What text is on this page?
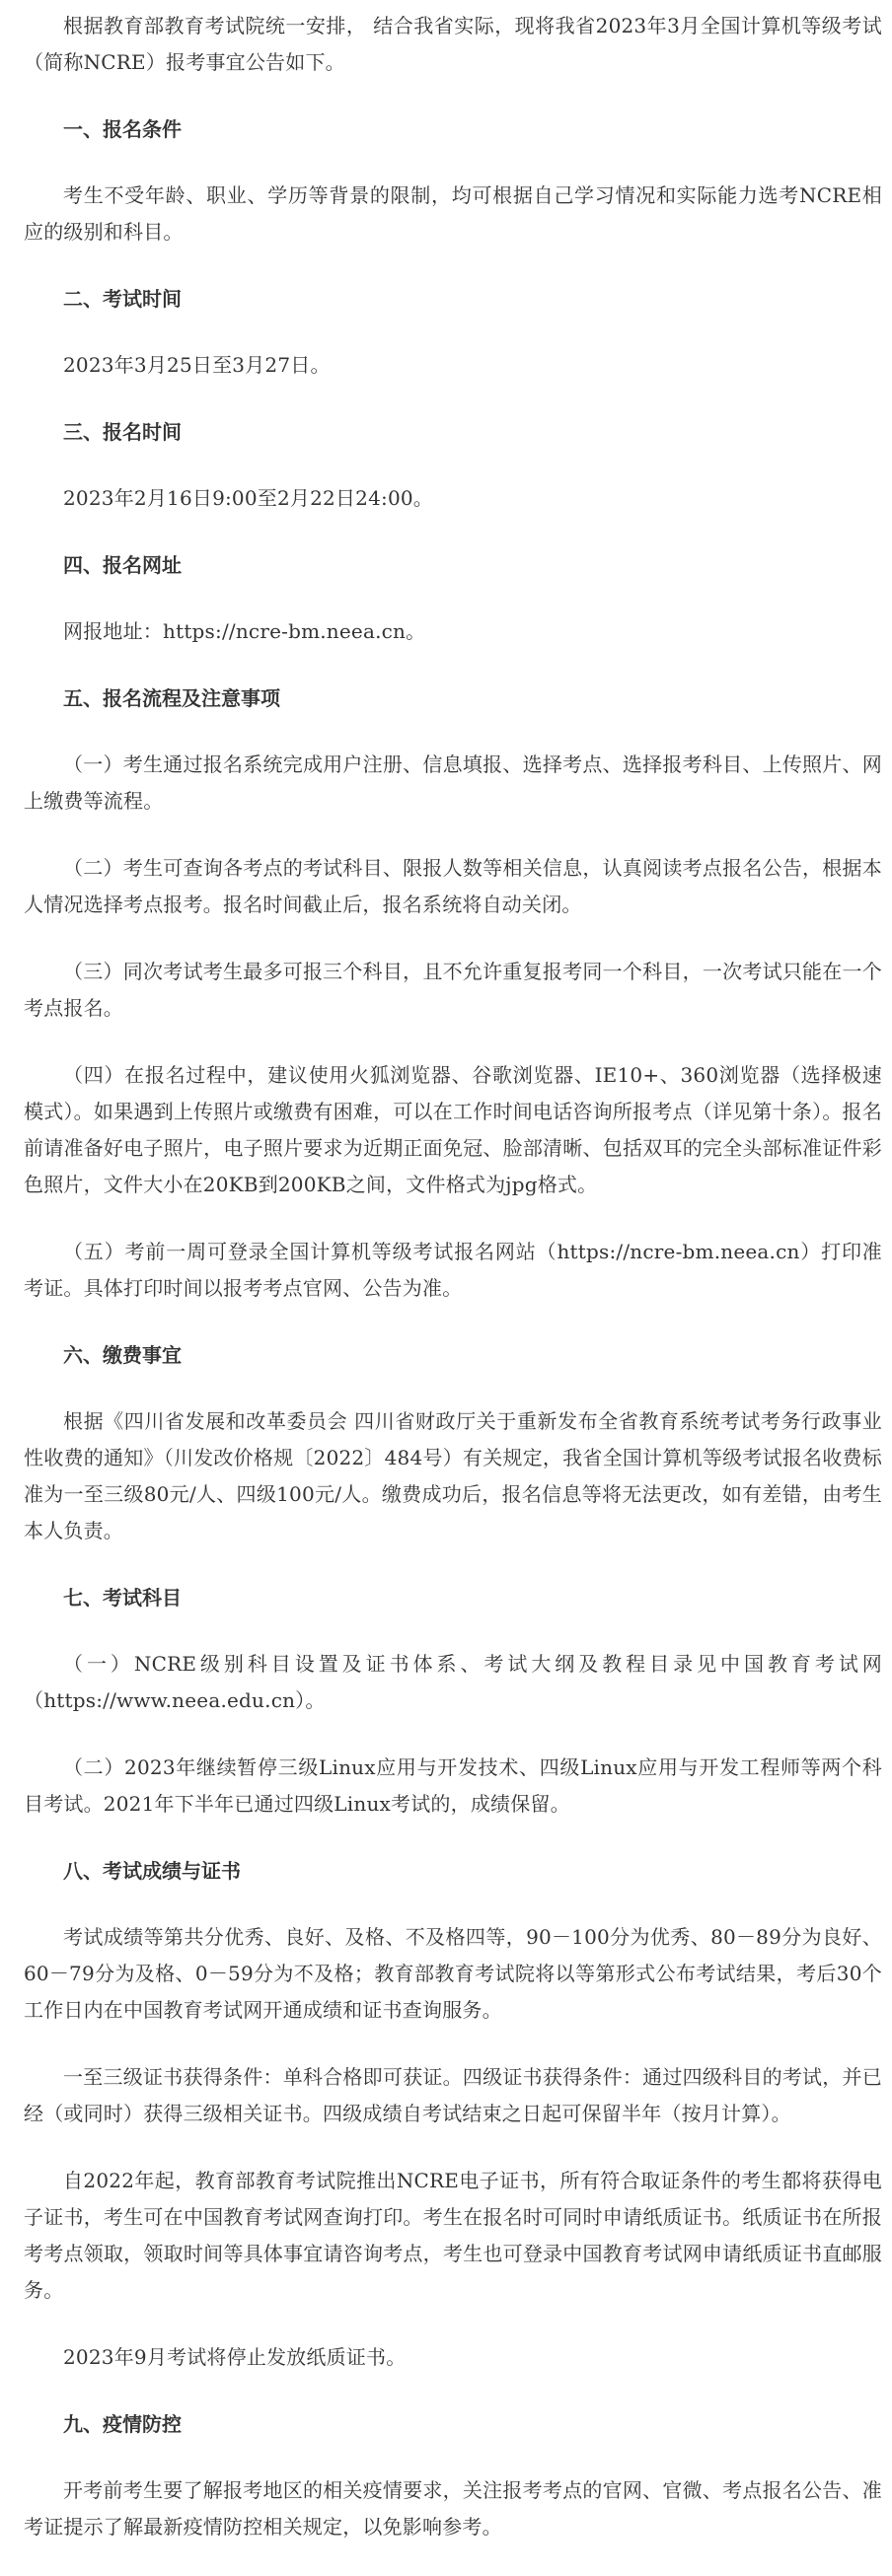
根据教育部教育考试院统一安排， 结合我省实际，现将我省2023年3月全国计算机等级考试（简称NCRE）报考事宜公告如下。

一、报名条件

考生不受年龄、职业、学历等背景的限制，均可根据自己学习情况和实际能力选考NCRE相应的级别和科目。

二、考试时间

2023年3月25日至3月27日。

三、报名时间

2023年2月16日9:00至2月22日24:00。

四、报名网址

网报地址：https://ncre-bm.neea.cn。

五、报名流程及注意事项

（一）考生通过报名系统完成用户注册、信息填报、选择考点、选择报考科目、上传照片、网上缴费等流程。

（二）考生可查询各考点的考试科目、限报人数等相关信息，认真阅读考点报名公告，根据本人情况选择考点报考。报名时间截止后，报名系统将自动关闭。

（三）同次考试考生最多可报三个科目，且不允许重复报考同一个科目，一次考试只能在一个考点报名。

（四）在报名过程中，建议使用火狐浏览器、谷歌浏览器、IE10+、360浏览器（选择极速模式）。如果遇到上传照片或缴费有困难，可以在工作时间电话咨询所报考点（详见第十条）。报名前请准备好电子照片，电子照片要求为近期正面免冠、脸部清晰、包括双耳的完全头部标准证件彩色照片，文件大小在20KB到200KB之间，文件格式为jpg格式。

（五）考前一周可登录全国计算机等级考试报名网站（https://ncre-bm.neea.cn）打印准考证。具体打印时间以报考考点官网、公告为准。

六、缴费事宜

根据《四川省发展和改革委员会 四川省财政厅关于重新发布全省教育系统考试考务行政事业性收费的通知》（川发改价格规〔2022〕484号）有关规定，我省全国计算机等级考试报名收费标准为一至三级80元/人、四级100元/人。缴费成功后，报名信息等将无法更改，如有差错，由考生本人负责。

七、考试科目

（一）NCRE级别科目设置及证书体系、考试大纲及教程目录见中国教育考试网（https://www.neea.edu.cn）。

（二）2023年继续暂停三级Linux应用与开发技术、四级Linux应用与开发工程师等两个科目考试。2021年下半年已通过四级Linux考试的，成绩保留。

八、考试成绩与证书

考试成绩等第共分优秀、良好、及格、不及格四等，90－100分为优秀、80－89分为良好、60－79分为及格、0－59分为不及格；教育部教育考试院将以等第形式公布考试结果，考后30个工作日内在中国教育考试网开通成绩和证书查询服务。

一至三级证书获得条件：单科合格即可获证。四级证书获得条件：通过四级科目的考试，并已经（或同时）获得三级相关证书。四级成绩自考试结束之日起可保留半年（按月计算）。

自2022年起，教育部教育考试院推出NCRE电子证书，所有符合取证条件的考生都将获得电子证书，考生可在中国教育考试网查询打印。考生在报名时可同时申请纸质证书。纸质证书在所报考考点领取，领取时间等具体事宜请咨询考点，考生也可登录中国教育考试网申请纸质证书直邮服务。

2023年9月考试将停止发放纸质证书。

九、疫情防控

开考前考生要了解报考地区的相关疫情要求，关注报考考点的官网、官微、考点报名公告、准考证提示了解最新疫情防控相关规定，以免影响参考。
